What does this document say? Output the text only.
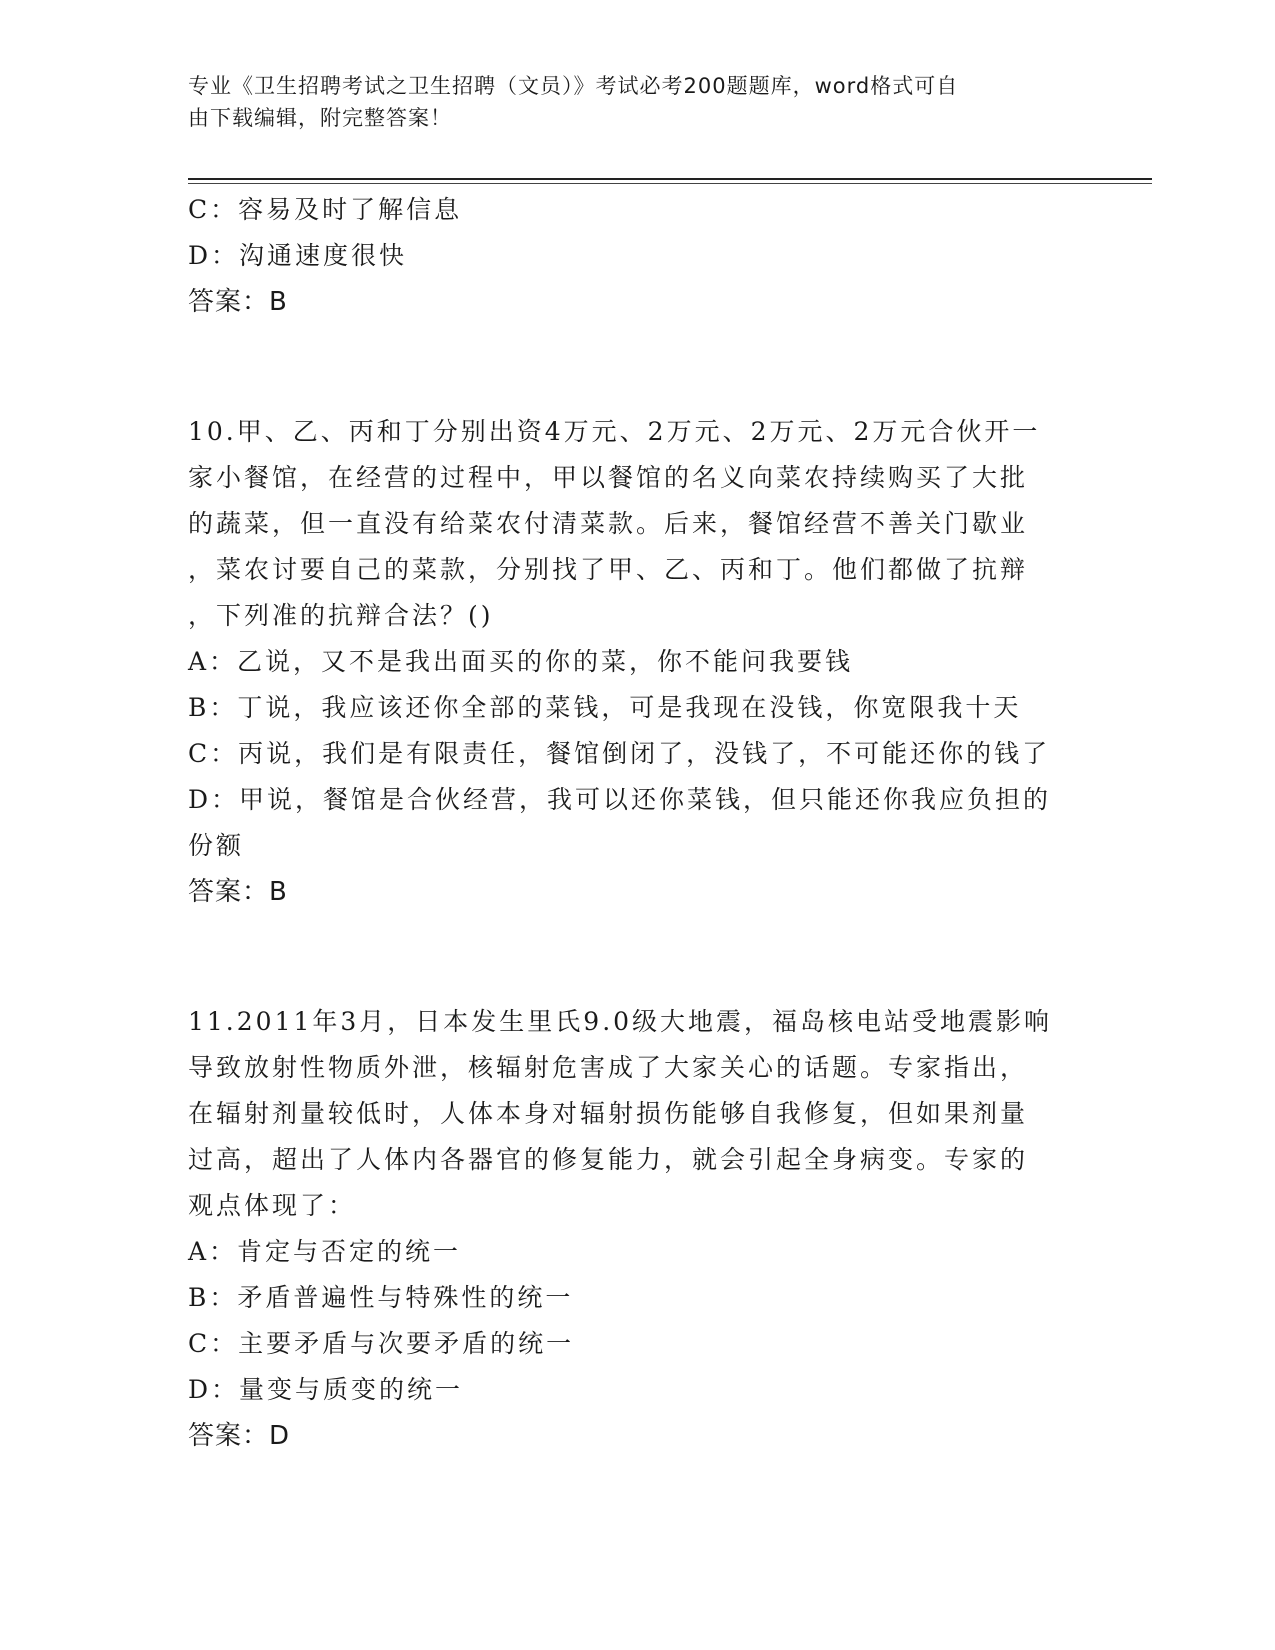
专业《卫生招聘考试之卫生招聘（文员）》考试必考200题题库，word格式可自
由下载编辑，附完整答案！
C：容易及时了解信息
D：沟通速度很快
答案：B
10.甲、乙、丙和丁分别出资4万元、2万元、2万元、2万元合伙开一
家小餐馆，在经营的过程中，甲以餐馆的名义向菜农持续购买了大批
的蔬菜，但一直没有给菜农付清菜款。后来，餐馆经营不善关门歇业
，菜农讨要自己的菜款，分别找了甲、乙、丙和丁。他们都做了抗辩
，下列准的抗辩合法？()
A：乙说，又不是我出面买的你的菜，你不能问我要钱
B：丁说，我应该还你全部的菜钱，可是我现在没钱，你宽限我十天
C：丙说，我们是有限责任，餐馆倒闭了，没钱了，不可能还你的钱了
D：甲说，餐馆是合伙经营，我可以还你菜钱，但只能还你我应负担的
份额
答案：B
11.2011年3月，日本发生里氏9.0级大地震，福岛核电站受地震影响
导致放射性物质外泄，核辐射危害成了大家关心的话题。专家指出，
在辐射剂量较低时，人体本身对辐射损伤能够自我修复，但如果剂量
过高，超出了人体内各器官的修复能力，就会引起全身病变。专家的
观点体现了：
A：肯定与否定的统一
B：矛盾普遍性与特殊性的统一
C：主要矛盾与次要矛盾的统一
D：量变与质变的统一
答案：D
